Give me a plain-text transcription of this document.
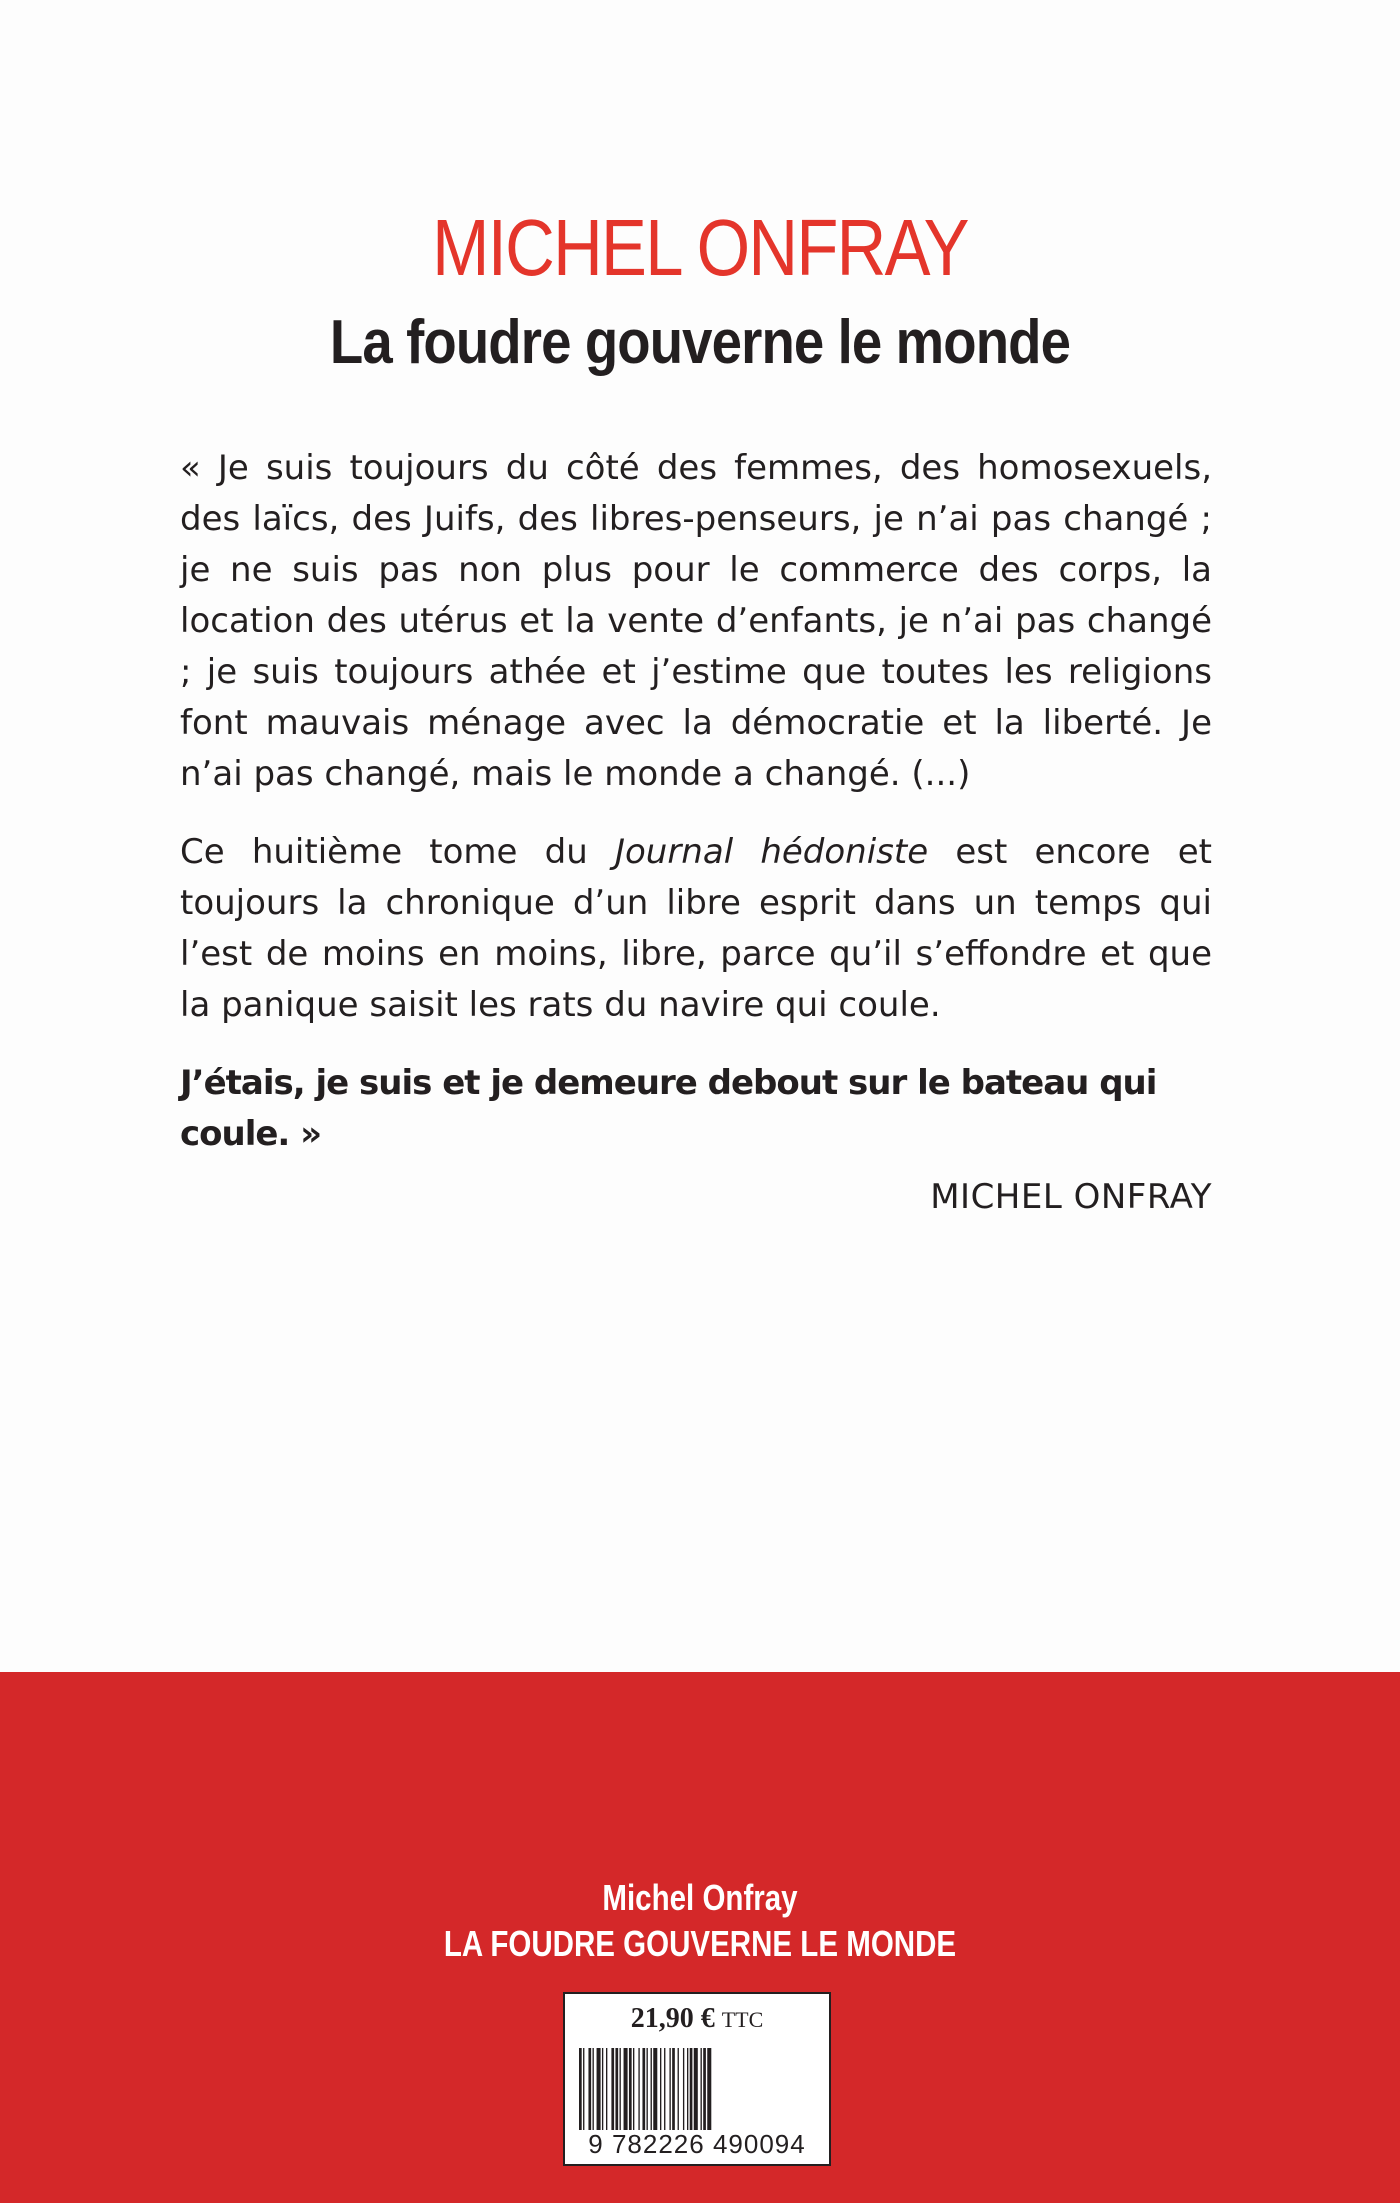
MICHEL ONFRAY
La foudre gouverne le monde

« Je suis toujours du côté des femmes, des homosexuels, des laïcs, des Juifs, des libres-penseurs, je n’ai pas changé ; je ne suis pas non plus pour le commerce des corps, la location des utérus et la vente d’enfants, je n’ai pas changé ; je suis toujours athée et j’estime que toutes les religions font mauvais ménage avec la démocratie et la liberté. Je n’ai pas changé, mais le monde a changé. (...)

Ce huitième tome du Journal hédoniste est encore et toujours la chronique d’un libre esprit dans un temps qui l’est de moins en moins, libre, parce qu’il s’effondre et que la panique saisit les rats du navire qui coule.

J’étais, je suis et je demeure debout sur le bateau qui coule. »

MICHEL ONFRAY
Michel Onfray
LA FOUDRE GOUVERNE LE MONDE
21,90 € TTC
9 782226 490094
